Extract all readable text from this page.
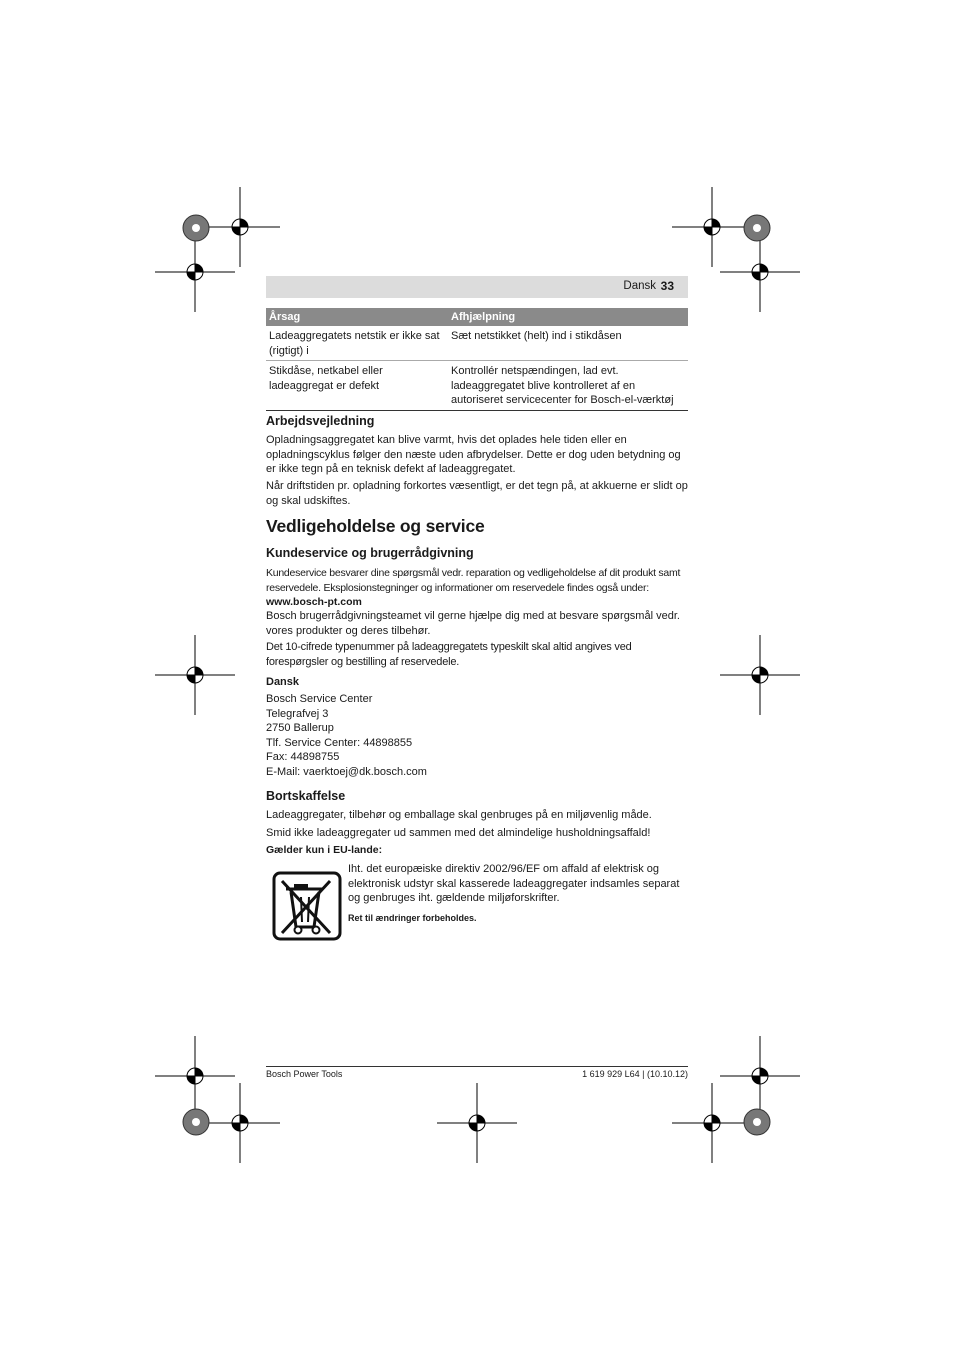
Dansk 33
Årsag	Afhjælpning
Ladeaggregatets netstik er ikke sat (rigtigt) i	Sæt netstikket (helt) ind i stikdåsen
Stikdåse, netkabel eller ladeaggregat er defekt	Kontrollér netspændingen, lad evt. ladeaggregatet blive kontrolleret af en autoriseret servicecenter for Bosch-el-værktøj
Arbejdsvejledning
Opladningsaggregatet kan blive varmt, hvis det oplades hele tiden eller en opladningscyklus følger den næste uden afbrydelser. Dette er dog uden betydning og er ikke tegn på en teknisk defekt af ladeaggregatet.
Når driftstiden pr. opladning forkortes væsentligt, er det tegn på, at akkuerne er slidt op og skal udskiftes.
Vedligeholdelse og service
Kundeservice og brugerrådgivning
Kundeservice besvarer dine spørgsmål vedr. reparation og vedligeholdelse af dit produkt samt reservedele. Eksplosionstegninger og informationer om reservedele findes også under:
www.bosch-pt.com
Bosch brugerrådgivningsteamet vil gerne hjælpe dig med at besvare spørgsmål vedr. vores produkter og deres tilbehør.
Det 10-cifrede typenummer på ladeaggregatets typeskilt skal altid angives ved forespørgsler og bestilling af reservedele.
Dansk
Bosch Service Center
Telegrafvej 3
2750 Ballerup
Tlf. Service Center: 44898855
Fax: 44898755
E-Mail: vaerktoej@dk.bosch.com
Bortskaffelse
Ladeaggregater, tilbehør og emballage skal genbruges på en miljøvenlig måde.
Smid ikke ladeaggregater ud sammen med det almindelige husholdningsaffald!
Gælder kun i EU-lande:
Iht. det europæiske direktiv 2002/96/EF om affald af elektrisk og elektronisk udstyr skal kasserede ladeaggregater indsamles separat og genbruges iht. gældende miljøforskrifter.
Ret til ændringer forbeholdes.
Bosch Power Tools	1 619 929 L64 | (10.10.12)
